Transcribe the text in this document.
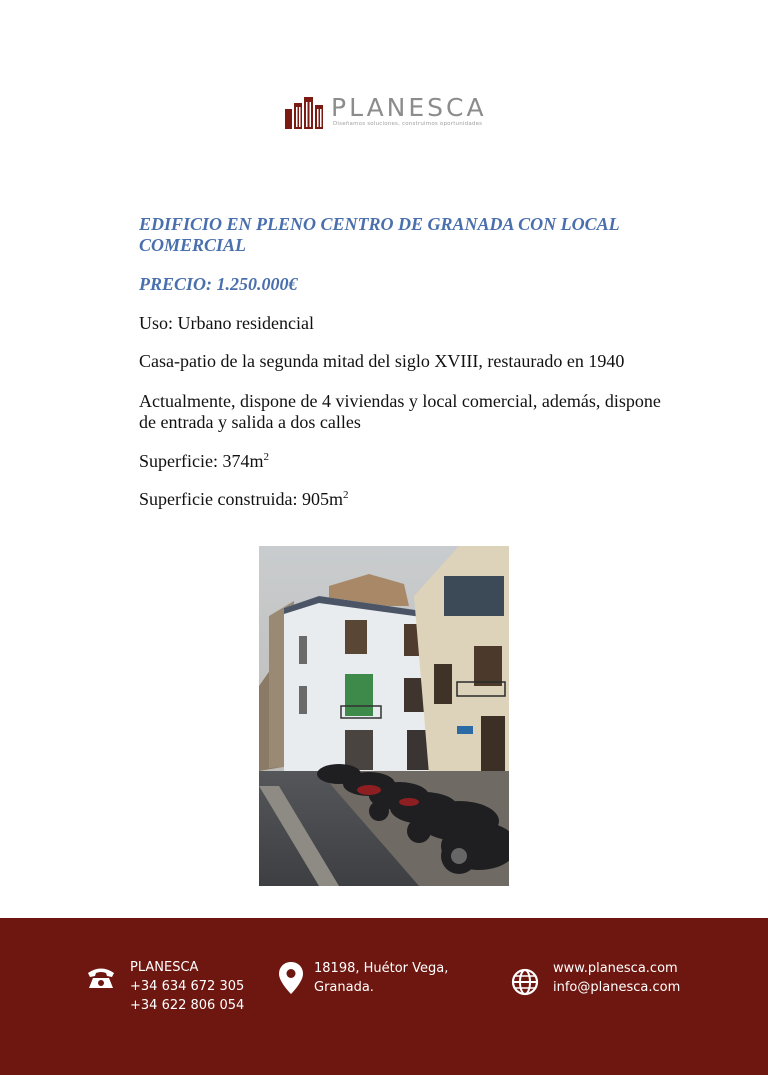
PLANESCA
Diseñamos soluciones, construimos oportunidades
EDIFICIO EN PLENO CENTRO DE GRANADA CON LOCAL COMERCIAL
PRECIO: 1.250.000€
Uso: Urbano residencial
Casa-patio de la segunda mitad del siglo XVIII, restaurado en 1940
Actualmente, dispone de 4 viviendas y local comercial, además, dispone de entrada y salida a dos calles
Superficie: $374m^2$
Superficie construida: $905m^2$
PLANESCA
+34 634 672 305
+34 622 806 054
18198, Huétor Vega,
Granada.
www.planesca.com
info@planesca.com
